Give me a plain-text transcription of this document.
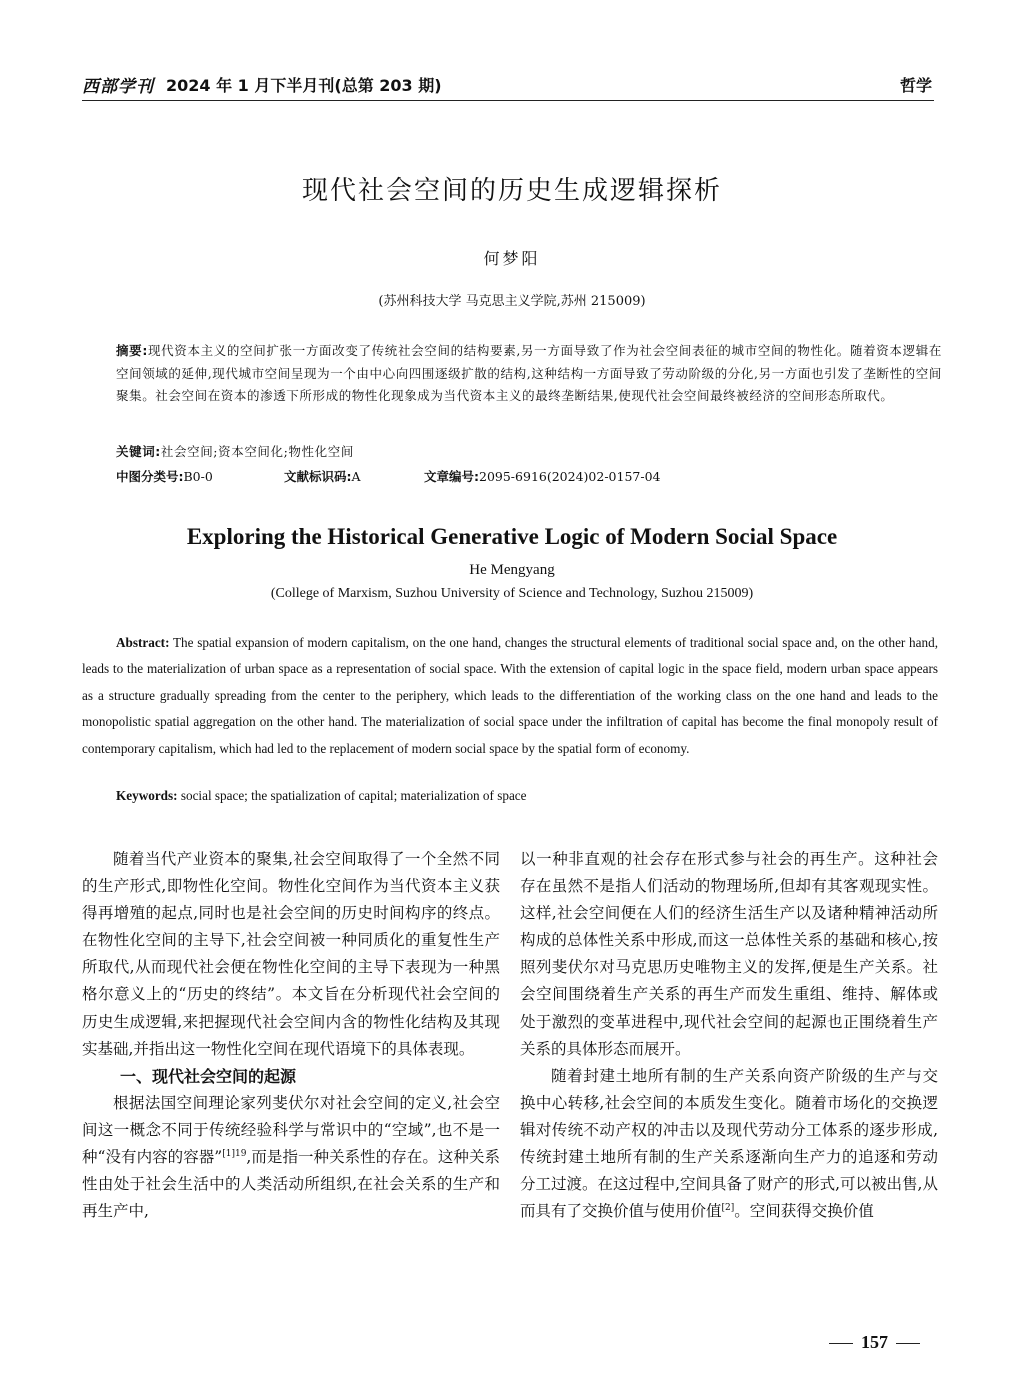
西部学刊 2024 年 1 月下半月刊(总第 203 期)	哲学
现代社会空间的历史生成逻辑探析
何梦阳
(苏州科技大学 马克思主义学院,苏州 215009)
摘要:现代资本主义的空间扩张一方面改变了传统社会空间的结构要素,另一方面导致了作为社会空间表征的城市空间的物性化。随着资本逻辑在空间领域的延伸,现代城市空间呈现为一个由中心向四围逐级扩散的结构,这种结构一方面导致了劳动阶级的分化,另一方面也引发了垄断性的空间聚集。社会空间在资本的渗透下所形成的物性化现象成为当代资本主义的最终垄断结果,使现代社会空间最终被经济的空间形态所取代。
关键词:社会空间;资本空间化;物性化空间
中图分类号:B0-0	文献标识码:A	文章编号:2095-6916(2024)02-0157-04
Exploring the Historical Generative Logic of Modern Social Space
He Mengyang
(College of Marxism, Suzhou University of Science and Technology, Suzhou 215009)
Abstract: The spatial expansion of modern capitalism, on the one hand, changes the structural elements of traditional social space and, on the other hand, leads to the materialization of urban space as a representation of social space. With the extension of capital logic in the space field, modern urban space appears as a structure gradually spreading from the center to the periphery, which leads to the differentiation of the working class on the one hand and leads to the monopolistic spatial aggregation on the other hand. The materialization of social space under the infiltration of capital has become the final monopoly result of contemporary capitalism, which had led to the replacement of modern social space by the spatial form of economy.
Keywords: social space; the spatialization of capital; materialization of space

随着当代产业资本的聚集,社会空间取得了一个全然不同的生产形式,即物性化空间。物性化空间作为当代资本主义获得再增殖的起点,同时也是社会空间的历史时间构序的终点。在物性化空间的主导下,社会空间被一种同质化的重复性生产所取代,从而现代社会便在物性化空间的主导下表现为一种黑格尔意义上的“历史的终结”。本文旨在分析现代社会空间的历史生成逻辑,来把握现代社会空间内含的物性化结构及其现实基础,并指出这一物性化空间在现代语境下的具体表现。

一、现代社会空间的起源

根据法国空间理论家列斐伏尔对社会空间的定义,社会空间这一概念不同于传统经验科学与常识中的“空域”,也不是一种“没有内容的容器”$^{[1]19}$,而是指一种关系性的存在。这种关系性由处于社会生活中的人类活动所组织,在社会关系的生产和再生产中,

以一种非直观的社会存在形式参与社会的再生产。这种社会存在虽然不是指人们活动的物理场所,但却有其客观现实性。这样,社会空间便在人们的经济生活生产以及诸种精神活动所构成的总体性关系中形成,而这一总体性关系的基础和核心,按照列斐伏尔对马克思历史唯物主义的发挥,便是生产关系。社会空间围绕着生产关系的再生产而发生重组、维持、解体或处于激烈的变革进程中,现代社会空间的起源也正围绕着生产关系的具体形态而展开。

随着封建土地所有制的生产关系向资产阶级的生产与交换中心转移,社会空间的本质发生变化。随着市场化的交换逻辑对传统不动产权的冲击以及现代劳动分工体系的逐步形成,传统封建土地所有制的生产关系逐渐向生产力的追逐和劳动分工过渡。在这过程中,空间具备了财产的形式,可以被出售,从而具有了交换价值与使用价值[2]。空间获得交换价值

157
